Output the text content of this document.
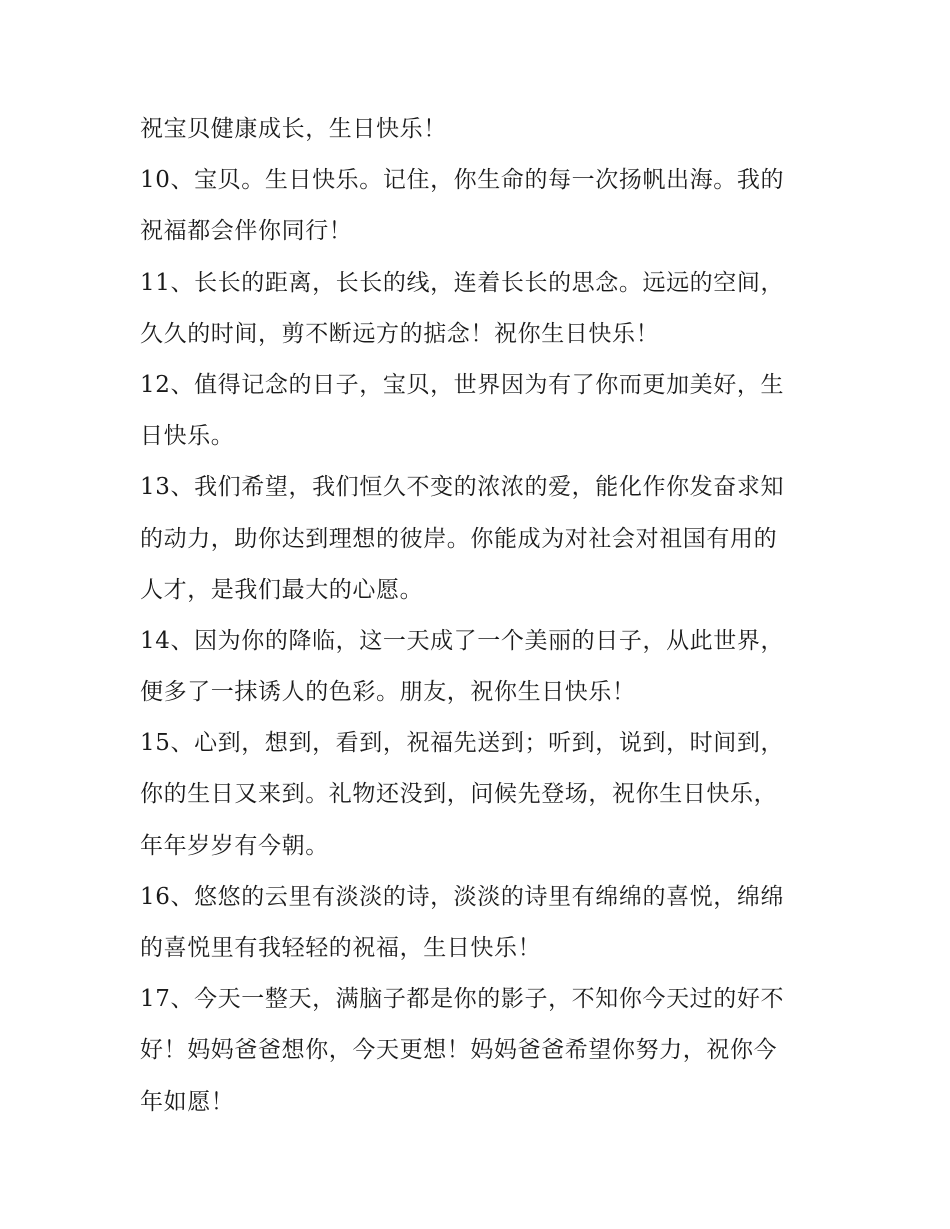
祝宝贝健康成长，生日快乐！
10、宝贝。生日快乐。记住，你生命的每一次扬帆出海。我的
祝福都会伴你同行！
11、长长的距离，长长的线，连着长长的思念。远远的空间，
久久的时间，剪不断远方的掂念！祝你生日快乐！
12、值得记念的日子，宝贝，世界因为有了你而更加美好，生
日快乐。
13、我们希望，我们恒久不变的浓浓的爱，能化作你发奋求知
的动力，助你达到理想的彼岸。你能成为对社会对祖国有用的
人才，是我们最大的心愿。
14、因为你的降临，这一天成了一个美丽的日子，从此世界，
便多了一抹诱人的色彩。朋友，祝你生日快乐！
15、心到，想到，看到，祝福先送到；听到，说到，时间到，
你的生日又来到。礼物还没到，问候先登场，祝你生日快乐，
年年岁岁有今朝。
16、悠悠的云里有淡淡的诗，淡淡的诗里有绵绵的喜悦，绵绵
的喜悦里有我轻轻的祝福，生日快乐！
17、今天一整天，满脑子都是你的影子，不知你今天过的好不
好！妈妈爸爸想你，今天更想！妈妈爸爸希望你努力，祝你今
年如愿！
